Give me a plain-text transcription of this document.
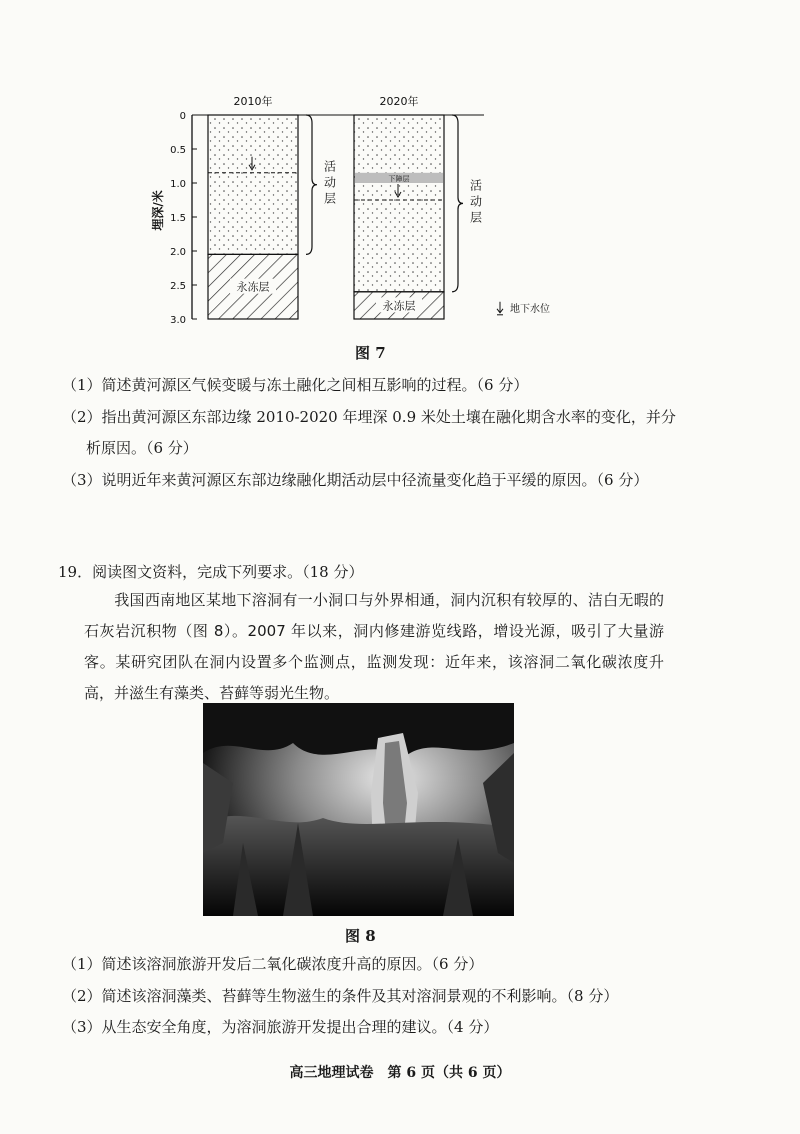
0
0.5
1.0
1.5
2.0
2.5
3.0
埋深/米
2010年
永冻层
活
动
层
2020年
永冻层
下障层	活
动
层
地下水位
图 7
（1）简述黄河源区气候变暖与冻土融化之间相互影响的过程。（6 分）
（2）指出黄河源区东部边缘 2010-2020 年埋深 0.9 米处土壤在融化期含水率的变化，并分
析原因。（6 分）
（3）说明近年来黄河源区东部边缘融化期活动层中径流量变化趋于平缓的原因。（6 分）
19．阅读图文资料，完成下列要求。（18 分）
我国西南地区某地下溶洞有一小洞口与外界相通，洞内沉积有较厚的、洁白无暇的石灰岩沉积物（图 8）。2007 年以来，洞内修建游览线路，增设光源，吸引了大量游客。某研究团队在洞内设置多个监测点，监测发现：近年来，该溶洞二氧化碳浓度升高，并滋生有藻类、苔藓等弱光生物。
图 8
（1）简述该溶洞旅游开发后二氧化碳浓度升高的原因。（6 分）
（2）简述该溶洞藻类、苔藓等生物滋生的条件及其对溶洞景观的不利影响。（8 分）
（3）从生态安全角度，为溶洞旅游开发提出合理的建议。（4 分）
高三地理试卷　第 6 页（共 6 页）
